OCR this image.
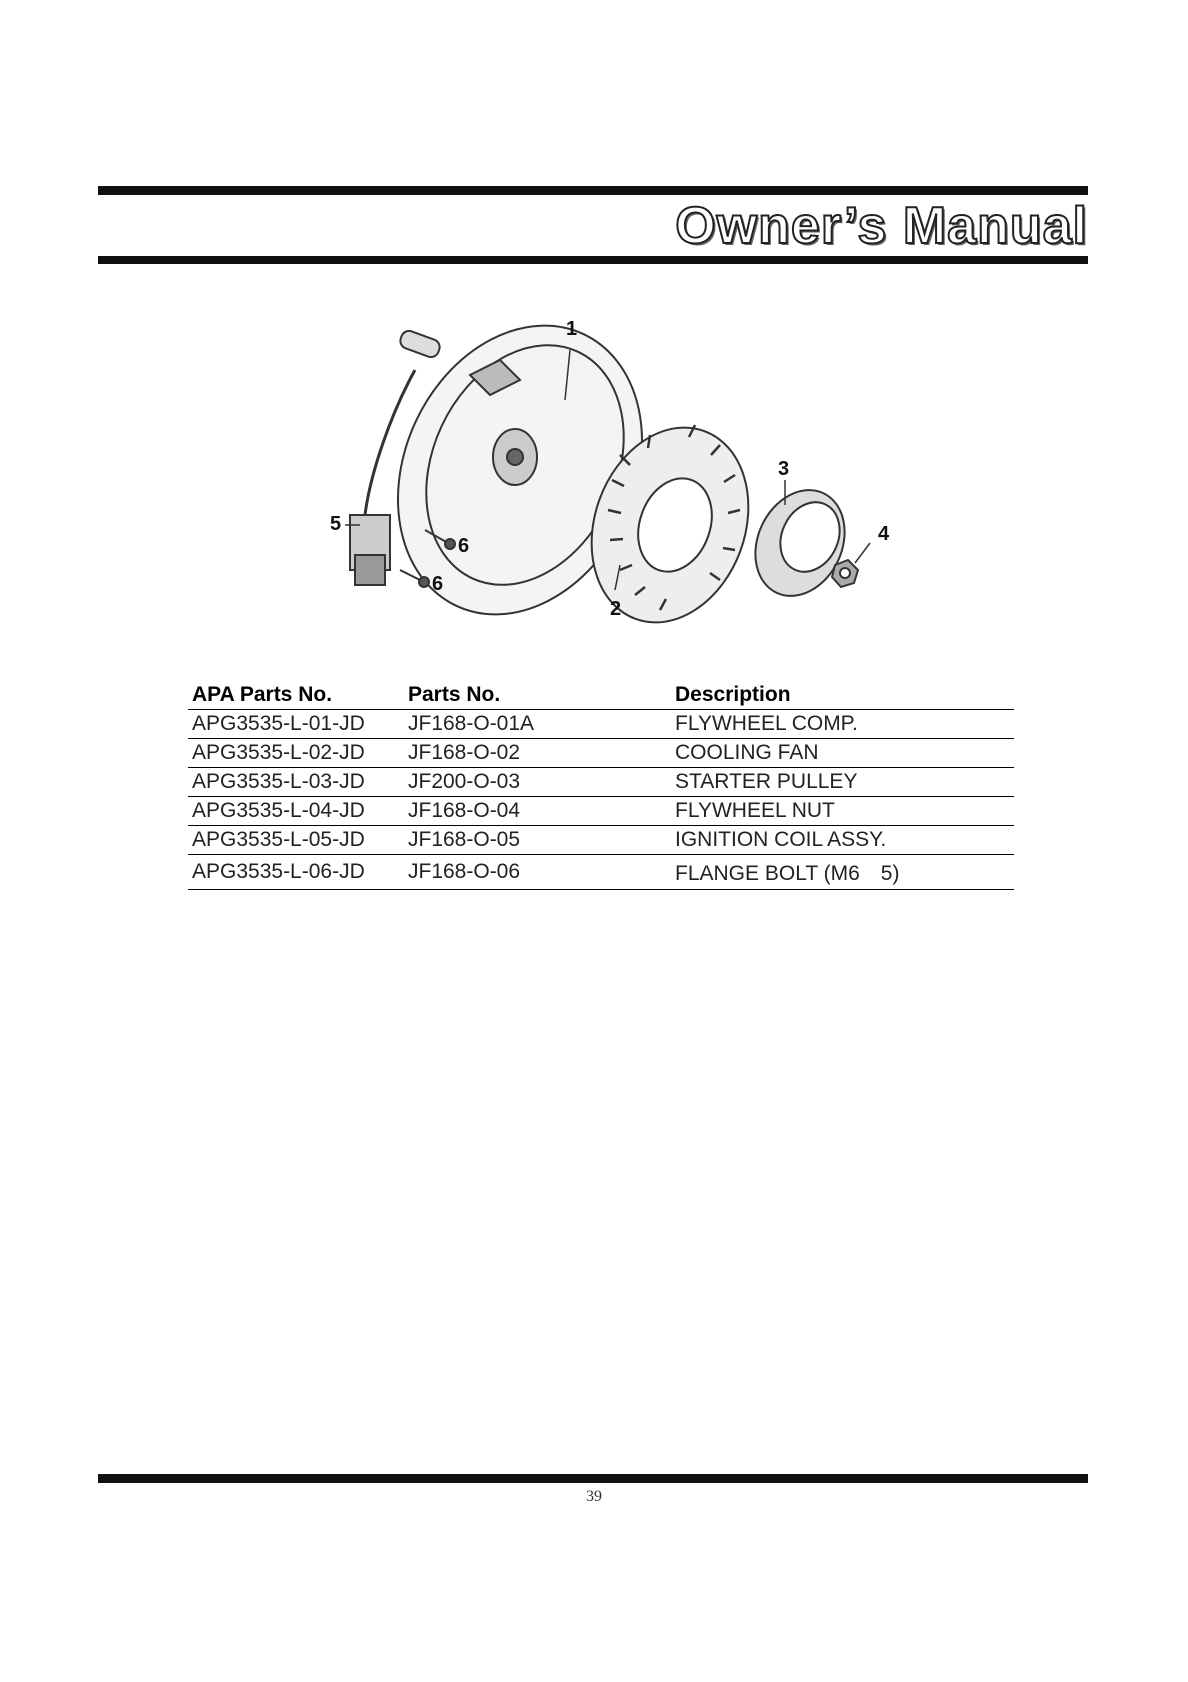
Owner’s Manual
1
2
3
4
5
6
6
APA Parts No.	Parts No.	Description
APG3535-L-01-JD	JF168-O-01A	FLYWHEEL COMP.
APG3535-L-02-JD	JF168-O-02	COOLING FAN
APG3535-L-03-JD	JF200-O-03	STARTER PULLEY
APG3535-L-04-JD	JF168-O-04	FLYWHEEL NUT
APG3535-L-05-JD	JF168-O-05	IGNITION COIL ASSY.
APG3535-L-06-JD	JF168-O-06	FLANGE BOLT (M6　5)
39
